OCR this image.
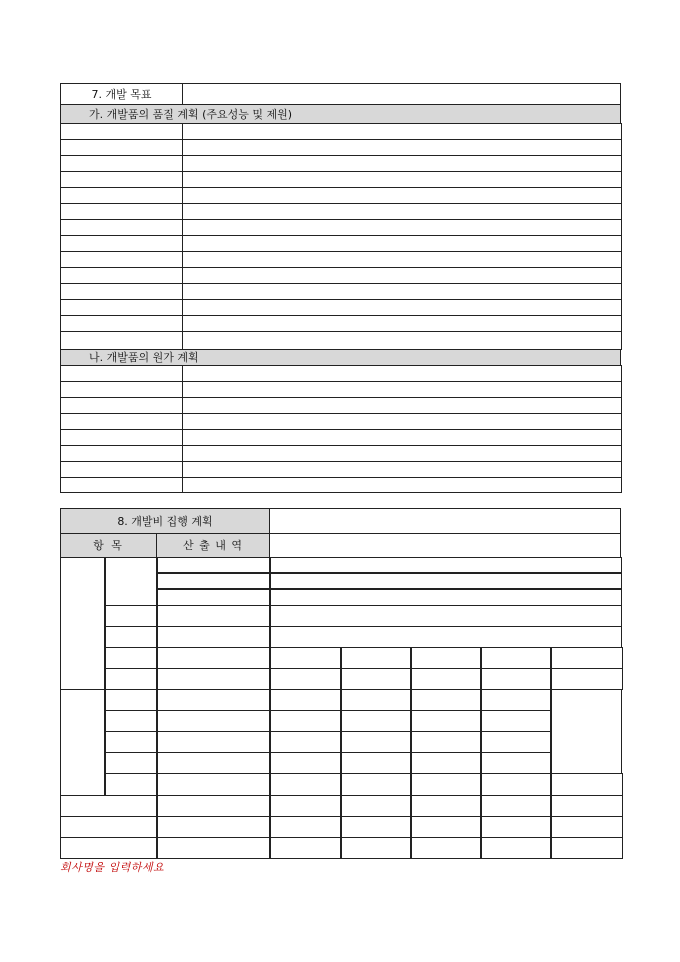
7. 개발 목표
가. 개발품의 품질 계획 (주요성능 및 제원)
나. 개발품의 원가 계획
8. 개발비 집행 계획
항 목	산 출 내 역
회사명을 입력하세요
